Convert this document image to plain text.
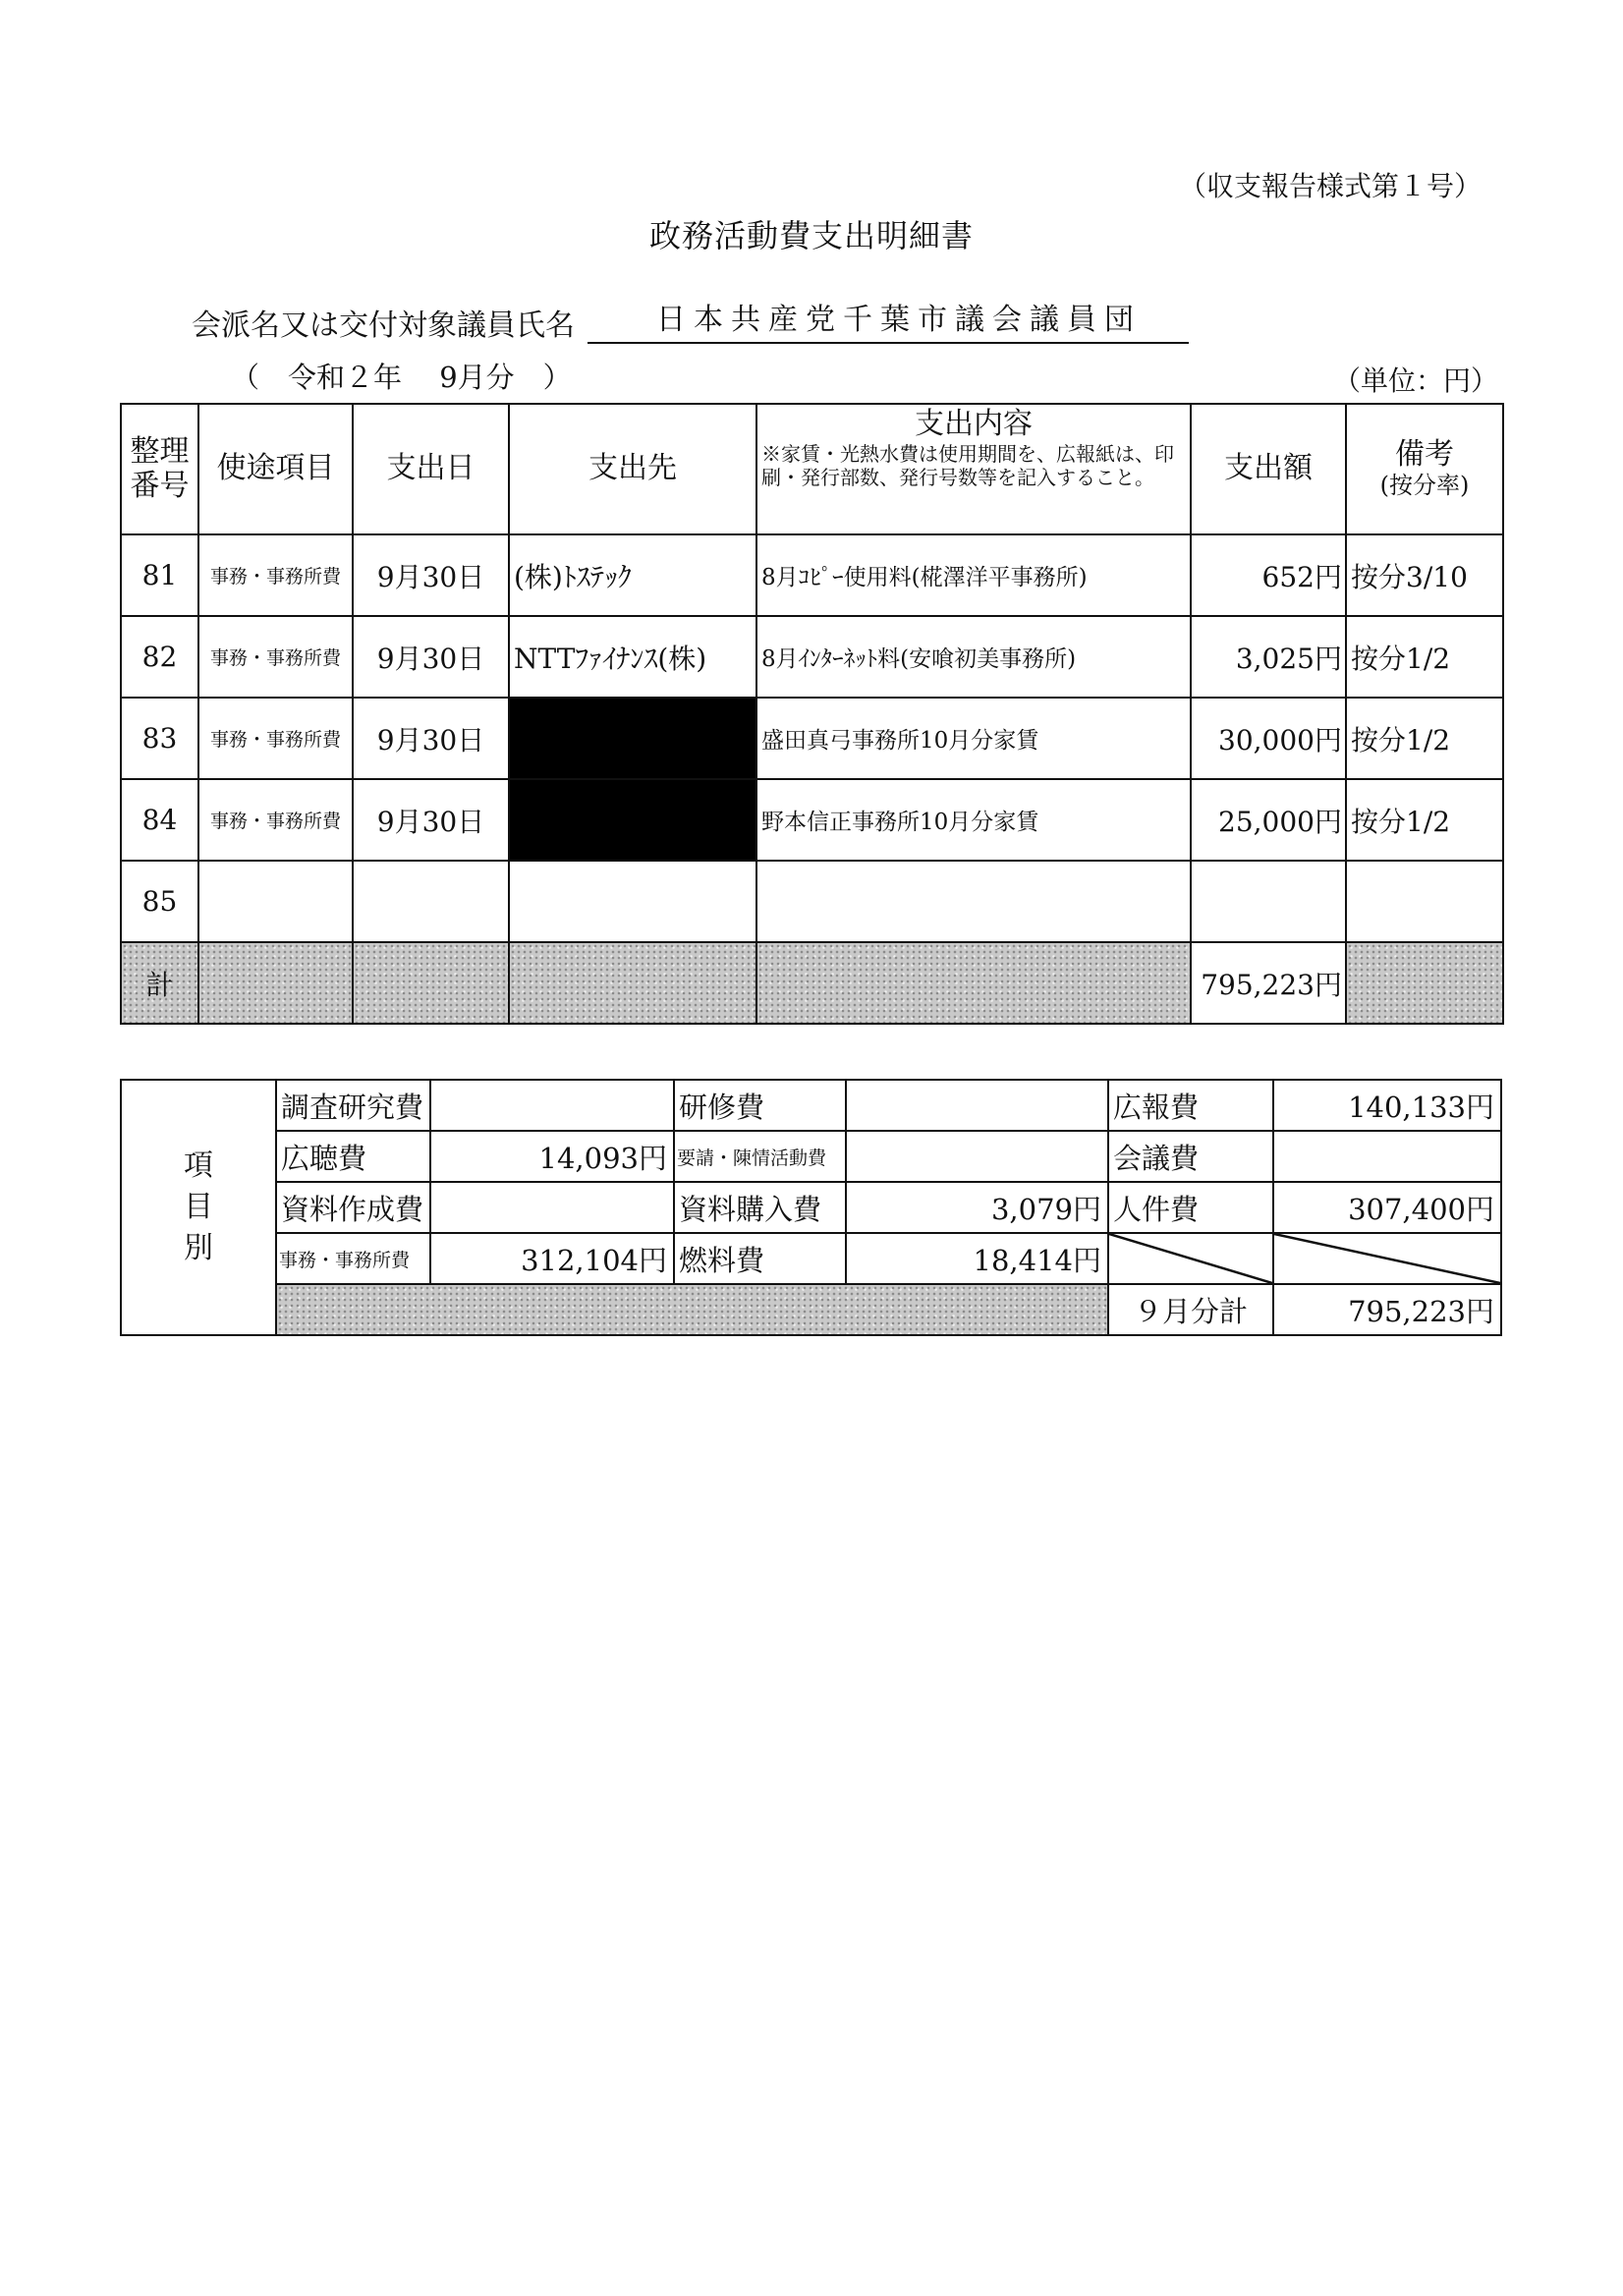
（収支報告様式第１号）
政務活動費支出明細書
会派名又は交付対象議員氏名	日本共産党千葉市議会議員団
（　令和２年　 9月分　）	（単位：円）
整理番号	使途項目	支出日	支出先	支出内容
※家賃・光熱水費は使用期間を、広報紙は、印刷・発行部数、発行号数等を記入すること。	支出額	備考
(按分率)

81	事務・事務所費	9月30日	(株)ﾄｽﾃｯｸ	8月ｺﾋﾟｰ使用料(椛澤洋平事務所)	652円	按分3/10
82	事務・事務所費	9月30日	NTTﾌｧｲﾅﾝｽ(株)	8月ｲﾝﾀｰﾈｯﾄ料(安喰初美事務所)	3,025円	按分1/2
83	事務・事務所費	9月30日		盛田真弓事務所10月分家賃	30,000円	按分1/2
84	事務・事務所費	9月30日		野本信正事務所10月分家賃	25,000円	按分1/2
85						
計					795,223円	
項
目
別	調査研究費		研修費		広報費	140,133円
	広聴費	14,093円	要請・陳情活動費		会議費	
	資料作成費		資料購入費	3,079円	人件費	307,400円
	事務・事務所費	312,104円	燃料費	18,414円		
					９月分計	795,223円
